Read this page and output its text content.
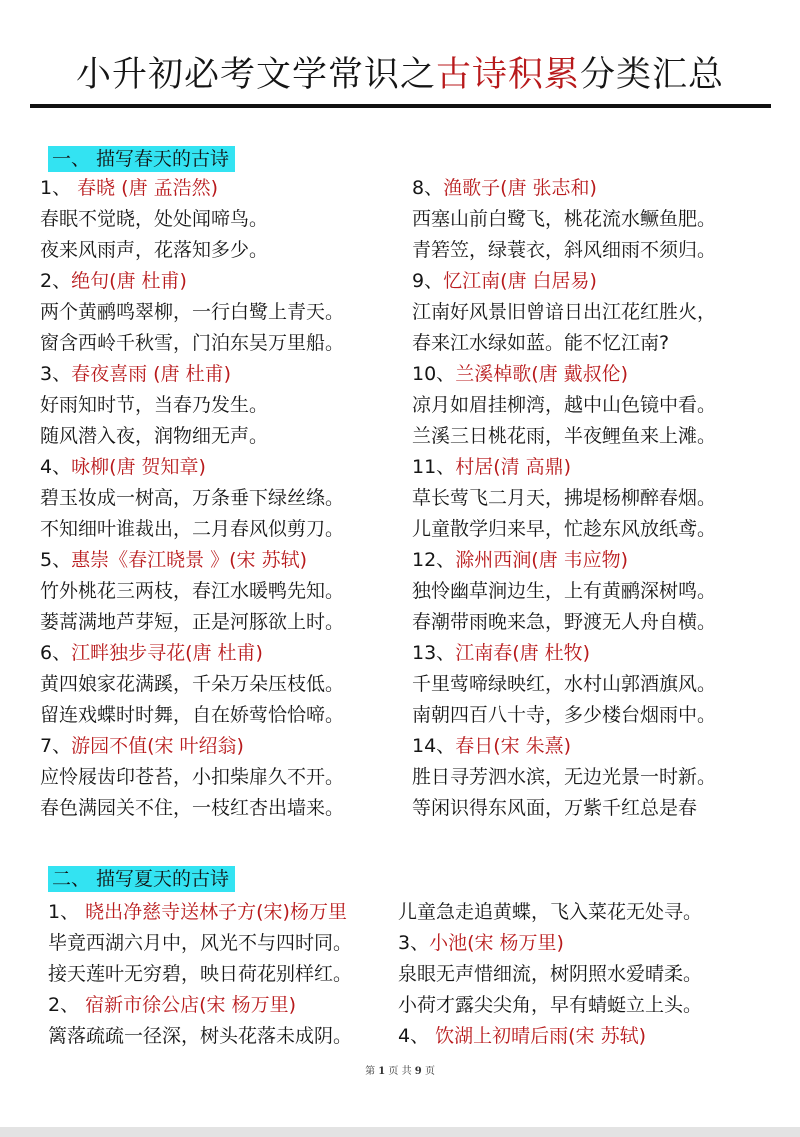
小升初必考文学常识之古诗积累分类汇总
一、 描写春天的古诗
1、 春晓 (唐 孟浩然)
春眠不觉晓，处处闻啼鸟。
夜来风雨声，花落知多少。
2、绝句(唐 杜甫)
两个黄鹂鸣翠柳，一行白鹭上青天。
窗含西岭千秋雪，门泊东吴万里船。
3、春夜喜雨 (唐 杜甫)
好雨知时节，当春乃发生。
随风潜入夜，润物细无声。
4、咏柳(唐 贺知章)
碧玉妆成一树高，万条垂下绿丝绦。
不知细叶谁裁出，二月春风似剪刀。
5、惠崇《春江晓景 》(宋 苏轼)
竹外桃花三两枝，春江水暖鸭先知。
蒌蒿满地芦芽短，正是河豚欲上时。
6、江畔独步寻花(唐 杜甫)
黄四娘家花满蹊，千朵万朵压枝低。
留连戏蝶时时舞，自在娇莺恰恰啼。
7、游园不值(宋 叶绍翁)
应怜屐齿印苍苔，小扣柴扉久不开。
春色满园关不住，一枝红杏出墙来。
8、渔歌子(唐 张志和)
西塞山前白鹭飞，桃花流水鳜鱼肥。
青箬笠，绿蓑衣，斜风细雨不须归。
9、忆江南(唐 白居易)
江南好风景旧曾谙日出江花红胜火，
春来江水绿如蓝。能不忆江南?
10、兰溪棹歌(唐 戴叔伦)
凉月如眉挂柳湾，越中山色镜中看。
兰溪三日桃花雨，半夜鲤鱼来上滩。
11、村居(清 高鼎)
草长莺飞二月天，拂堤杨柳醉春烟。
儿童散学归来早，忙趁东风放纸鸢。
12、滁州西涧(唐 韦应物)
独怜幽草涧边生，上有黄鹂深树鸣。
春潮带雨晚来急，野渡无人舟自横。
13、江南春(唐 杜牧)
千里莺啼绿映红，水村山郭酒旗风。
南朝四百八十寺，多少楼台烟雨中。
14、春日(宋 朱熹)
胜日寻芳泗水滨，无边光景一时新。
等闲识得东风面，万紫千红总是春
二、 描写夏天的古诗
1、 晓出净慈寺送林子方(宋)杨万里
毕竟西湖六月中，风光不与四时同。
接天莲叶无穷碧，映日荷花别样红。
2、 宿新市徐公店(宋 杨万里)
篱落疏疏一径深，树头花落未成阴。
儿童急走追黄蝶，飞入菜花无处寻。
3、小池(宋 杨万里)
泉眼无声惜细流，树阴照水爱晴柔。
小荷才露尖尖角，早有蜻蜓立上头。
4、 饮湖上初晴后雨(宋 苏轼)
第 1 页 共 9 页
